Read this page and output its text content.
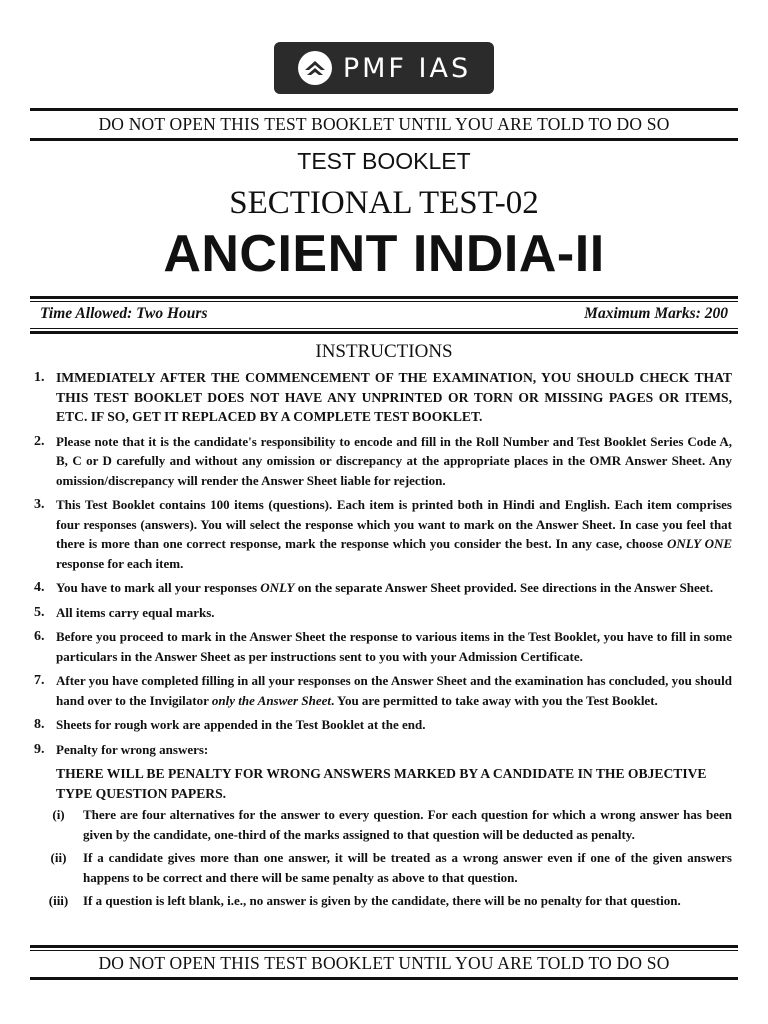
PMF IAS
DO NOT OPEN THIS TEST BOOKLET UNTIL YOU ARE TOLD TO DO SO
TEST BOOKLET
SECTIONAL TEST-02
ANCIENT INDIA-II
Time Allowed: Two Hours	Maximum Marks: 200
INSTRUCTIONS
1. IMMEDIATELY AFTER THE COMMENCEMENT OF THE EXAMINATION, YOU SHOULD CHECK THAT THIS TEST BOOKLET DOES NOT HAVE ANY UNPRINTED OR TORN OR MISSING PAGES OR ITEMS, ETC. IF SO, GET IT REPLACED BY A COMPLETE TEST BOOKLET.
2. Please note that it is the candidate's responsibility to encode and fill in the Roll Number and Test Booklet Series Code A, B, C or D carefully and without any omission or discrepancy at the appropriate places in the OMR Answer Sheet. Any omission/discrepancy will render the Answer Sheet liable for rejection.
3. This Test Booklet contains 100 items (questions). Each item is printed both in Hindi and English. Each item comprises four responses (answers). You will select the response which you want to mark on the Answer Sheet. In case you feel that there is more than one correct response, mark the response which you consider the best. In any case, choose ONLY ONE response for each item.
4. You have to mark all your responses ONLY on the separate Answer Sheet provided. See directions in the Answer Sheet.
5. All items carry equal marks.
6. Before you proceed to mark in the Answer Sheet the response to various items in the Test Booklet, you have to fill in some particulars in the Answer Sheet as per instructions sent to you with your Admission Certificate.
7. After you have completed filling in all your responses on the Answer Sheet and the examination has concluded, you should hand over to the Invigilator only the Answer Sheet. You are permitted to take away with you the Test Booklet.
8. Sheets for rough work are appended in the Test Booklet at the end.
9. Penalty for wrong answers:
THERE WILL BE PENALTY FOR WRONG ANSWERS MARKED BY A CANDIDATE IN THE OBJECTIVE TYPE QUESTION PAPERS.
(i)	There are four alternatives for the answer to every question. For each question for which a wrong answer has been given by the candidate, one-third of the marks assigned to that question will be deducted as penalty.
(ii)	If a candidate gives more than one answer, it will be treated as a wrong answer even if one of the given answers happens to be correct and there will be same penalty as above to that question.
(iii)	If a question is left blank, i.e., no answer is given by the candidate, there will be no penalty for that question.
DO NOT OPEN THIS TEST BOOKLET UNTIL YOU ARE TOLD TO DO SO
